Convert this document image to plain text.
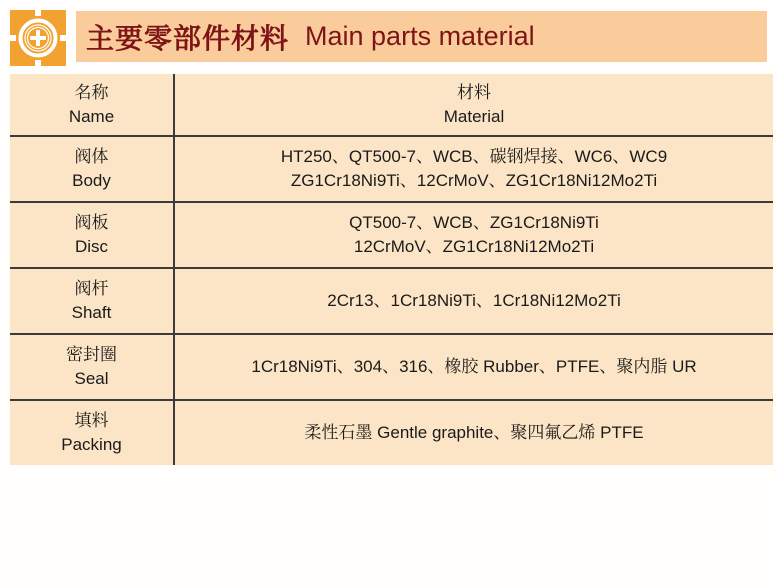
主要零部件材料 Main parts material
名称
Name
材料
Material
阀体
Body
HT250、QT500-7、WCB、碳钢焊接、WC6、WC9
ZG1Cr18Ni9Ti、12CrMoV、ZG1Cr18Ni12Mo2Ti
阀板
Disc
QT500-7、WCB、ZG1Cr18Ni9Ti
12CrMoV、ZG1Cr18Ni12Mo2Ti
阀杆
Shaft
2Cr13、1Cr18Ni9Ti、1Cr18Ni12Mo2Ti
密封圈
Seal
1Cr18Ni9Ti、304、316、橡胶 Rubber、PTFE、聚内脂 UR
填料
Packing
柔性石墨 Gentle graphite、聚四氟乙烯 PTFE
